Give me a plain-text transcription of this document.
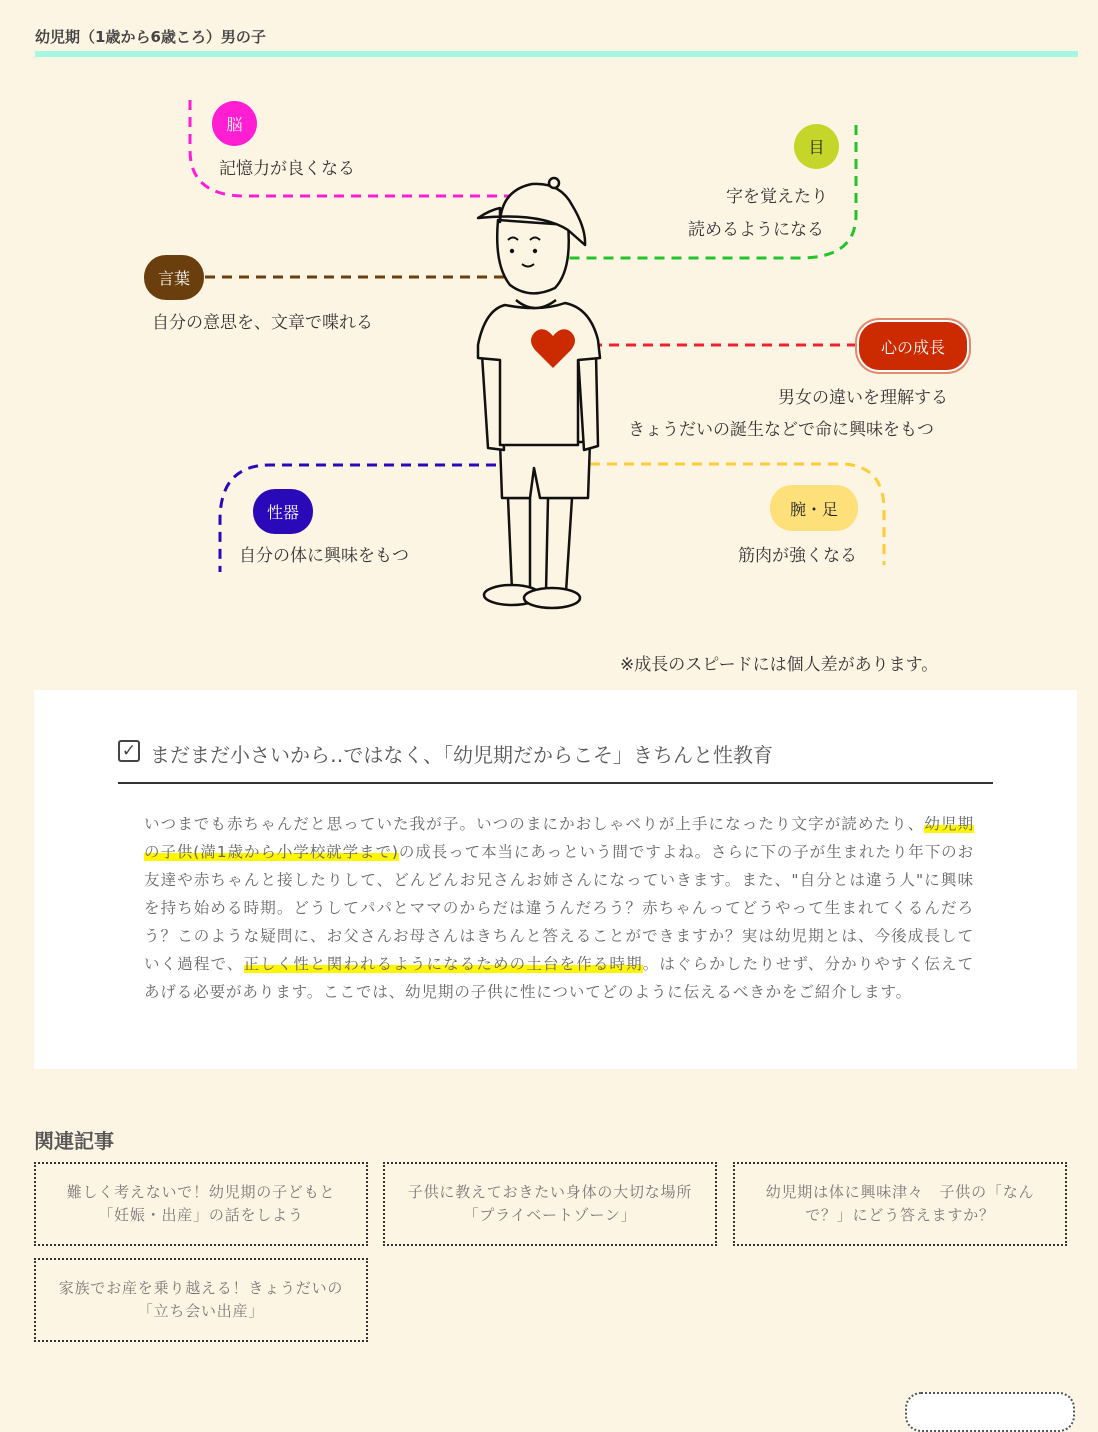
幼児期（1歳から6歳ころ）男の子
脳
記憶力が良くなる
目
字を覚えたり
読めるようになる
言葉
自分の意思を、文章で喋れる
心の成長
男女の違いを理解する
きょうだいの誕生などで命に興味をもつ
性器
自分の体に興味をもつ
腕・足
筋肉が強くなる
※成長のスピードには個人差があります。
✓ まだまだ小さいから‥ではなく、「幼児期だからこそ」きちんと性教育
いつまでも赤ちゃんだと思っていた我が子。いつのまにかおしゃべりが上手になったり文字が読めたり、幼児期の子供(満1歳から小学校就学まで)の成長って本当にあっという間ですよね。さらに下の子が生まれたり年下のお友達や赤ちゃんと接したりして、どんどんお兄さんお姉さんになっていきます。また、"自分とは違う人"に興味を持ち始める時期。どうしてパパとママのからだは違うんだろう？赤ちゃんってどうやって生まれてくるんだろう？このような疑問に、お父さんお母さんはきちんと答えることができますか？実は幼児期とは、今後成長していく過程で、正しく性と関われるようになるための土台を作る時期。はぐらかしたりせず、分かりやすく伝えてあげる必要があります。ここでは、幼児期の子供に性についてどのように伝えるべきかをご紹介します。
関連記事
難しく考えないで！幼児期の子どもと「妊娠・出産」の話をしよう
子供に教えておきたい身体の大切な場所「プライベートゾーン」
幼児期は体に興味津々　子供の「なんで？」にどう答えますか？
家族でお産を乗り越える！きょうだいの「立ち会い出産」
